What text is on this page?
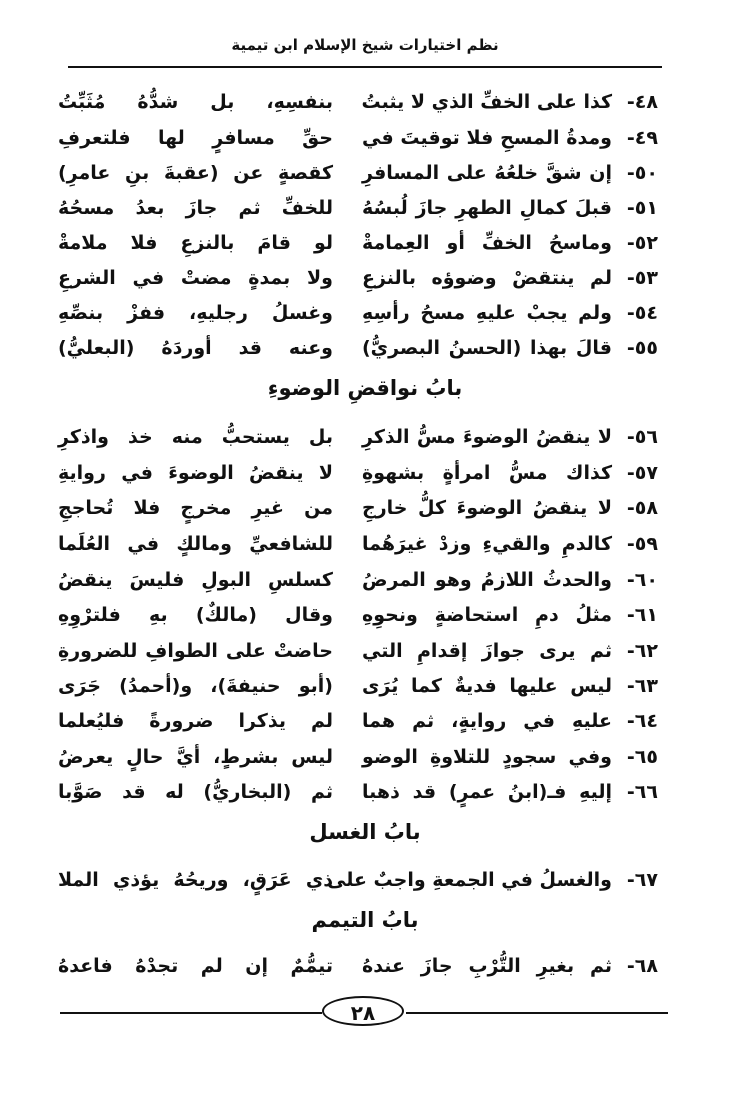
نظم اختيارات شيخ الإسلام ابن تيمية
٤٨-
كذا على الخفِّ الذي لا يثبتُ
بنفسِهِ، بل شدُّهُ مُثَبِّتُ
٤٩-
ومدةُ المسحِ فلا توقيتَ في
حقِّ مسافرٍ لها فلتعرفِ
٥٠-
إن شقَّ خلعُهُ على المسافرِ
كقصةٍ عن (عقبةَ بنِ عامرِ)
٥١-
قبلَ كمالِ الطهرِ جازَ لُبسُهُ
للخفِّ ثم جازَ بعدُ مسحُهُ
٥٢-
وماسحُ الخفِّ أو العِمامةْ
لو قامَ بالنزعِ فلا ملامةْ
٥٣-
لم ينتقضْ وضوؤه بالنزعِ
ولا بمدةٍ مضتْ في الشرعِ
٥٤-
ولم يجبْ عليهِ مسحُ رأسِهِ
وغسلُ رجليهِ، ففزْ بنصِّهِ
٥٥-
قالَ بهذا (الحسنُ البصريُّ)
وعنه قد أوردَهُ (البعليُّ)
بابُ نواقضِ الوضوءِ
٥٦-
لا ينقضُ الوضوءَ مسُّ الذكرِ
بل يستحبُّ منه خذ واذكرِ
٥٧-
كذاك مسُّ امرأةٍ بشهوةِ
لا ينقضُ الوضوءَ في روايةِ
٥٨-
لا ينقضُ الوضوءَ كلُّ خارجِ
من غيرِ مخرجٍ فلا تُحاججِ
٥٩-
كالدمِ والقيءِ وزدْ غيرَهُما
للشافعيِّ ومالكٍ في العُلَما
٦٠-
والحدثُ اللازمُ وهو المرضُ
كسلسِ البولِ فليسَ ينقضُ
٦١-
مثلُ دمِ استحاضةٍ ونحوِهِ
وقال (مالكٌ) بهِ فلترْوِهِ
٦٢-
ثم يرى جوازَ إقدامِ التي
حاضتْ على الطوافِ للضرورةِ
٦٣-
ليس عليها فديةٌ كما يُرَى
(أبو حنيفةَ)، و(أحمدُ) جَرَى
٦٤-
عليهِ في روايةٍ، ثم هما
لم يذكرا ضرورةً فليُعلما
٦٥-
وفي سجودٍ للتلاوةِ الوضو
ليس بشرطٍ، أيَّ حالٍ يعرضُ
٦٦-
إليهِ فـ(ابنُ عمرٍ) قد ذهبا
ثم (البخاريُّ) له قد صَوَّبا
بابُ الغسل
٦٧-
والغسلُ في الجمعةِ واجبٌ على
ذي عَرَقٍ، وريحُهُ يؤذي الملا
بابُ التيمم
٦٨-
ثم بغيرِ التُّرْبِ جازَ عندهُ
تيمُّمٌ إن لم تجدْهُ فاعدهُ
٢٨
